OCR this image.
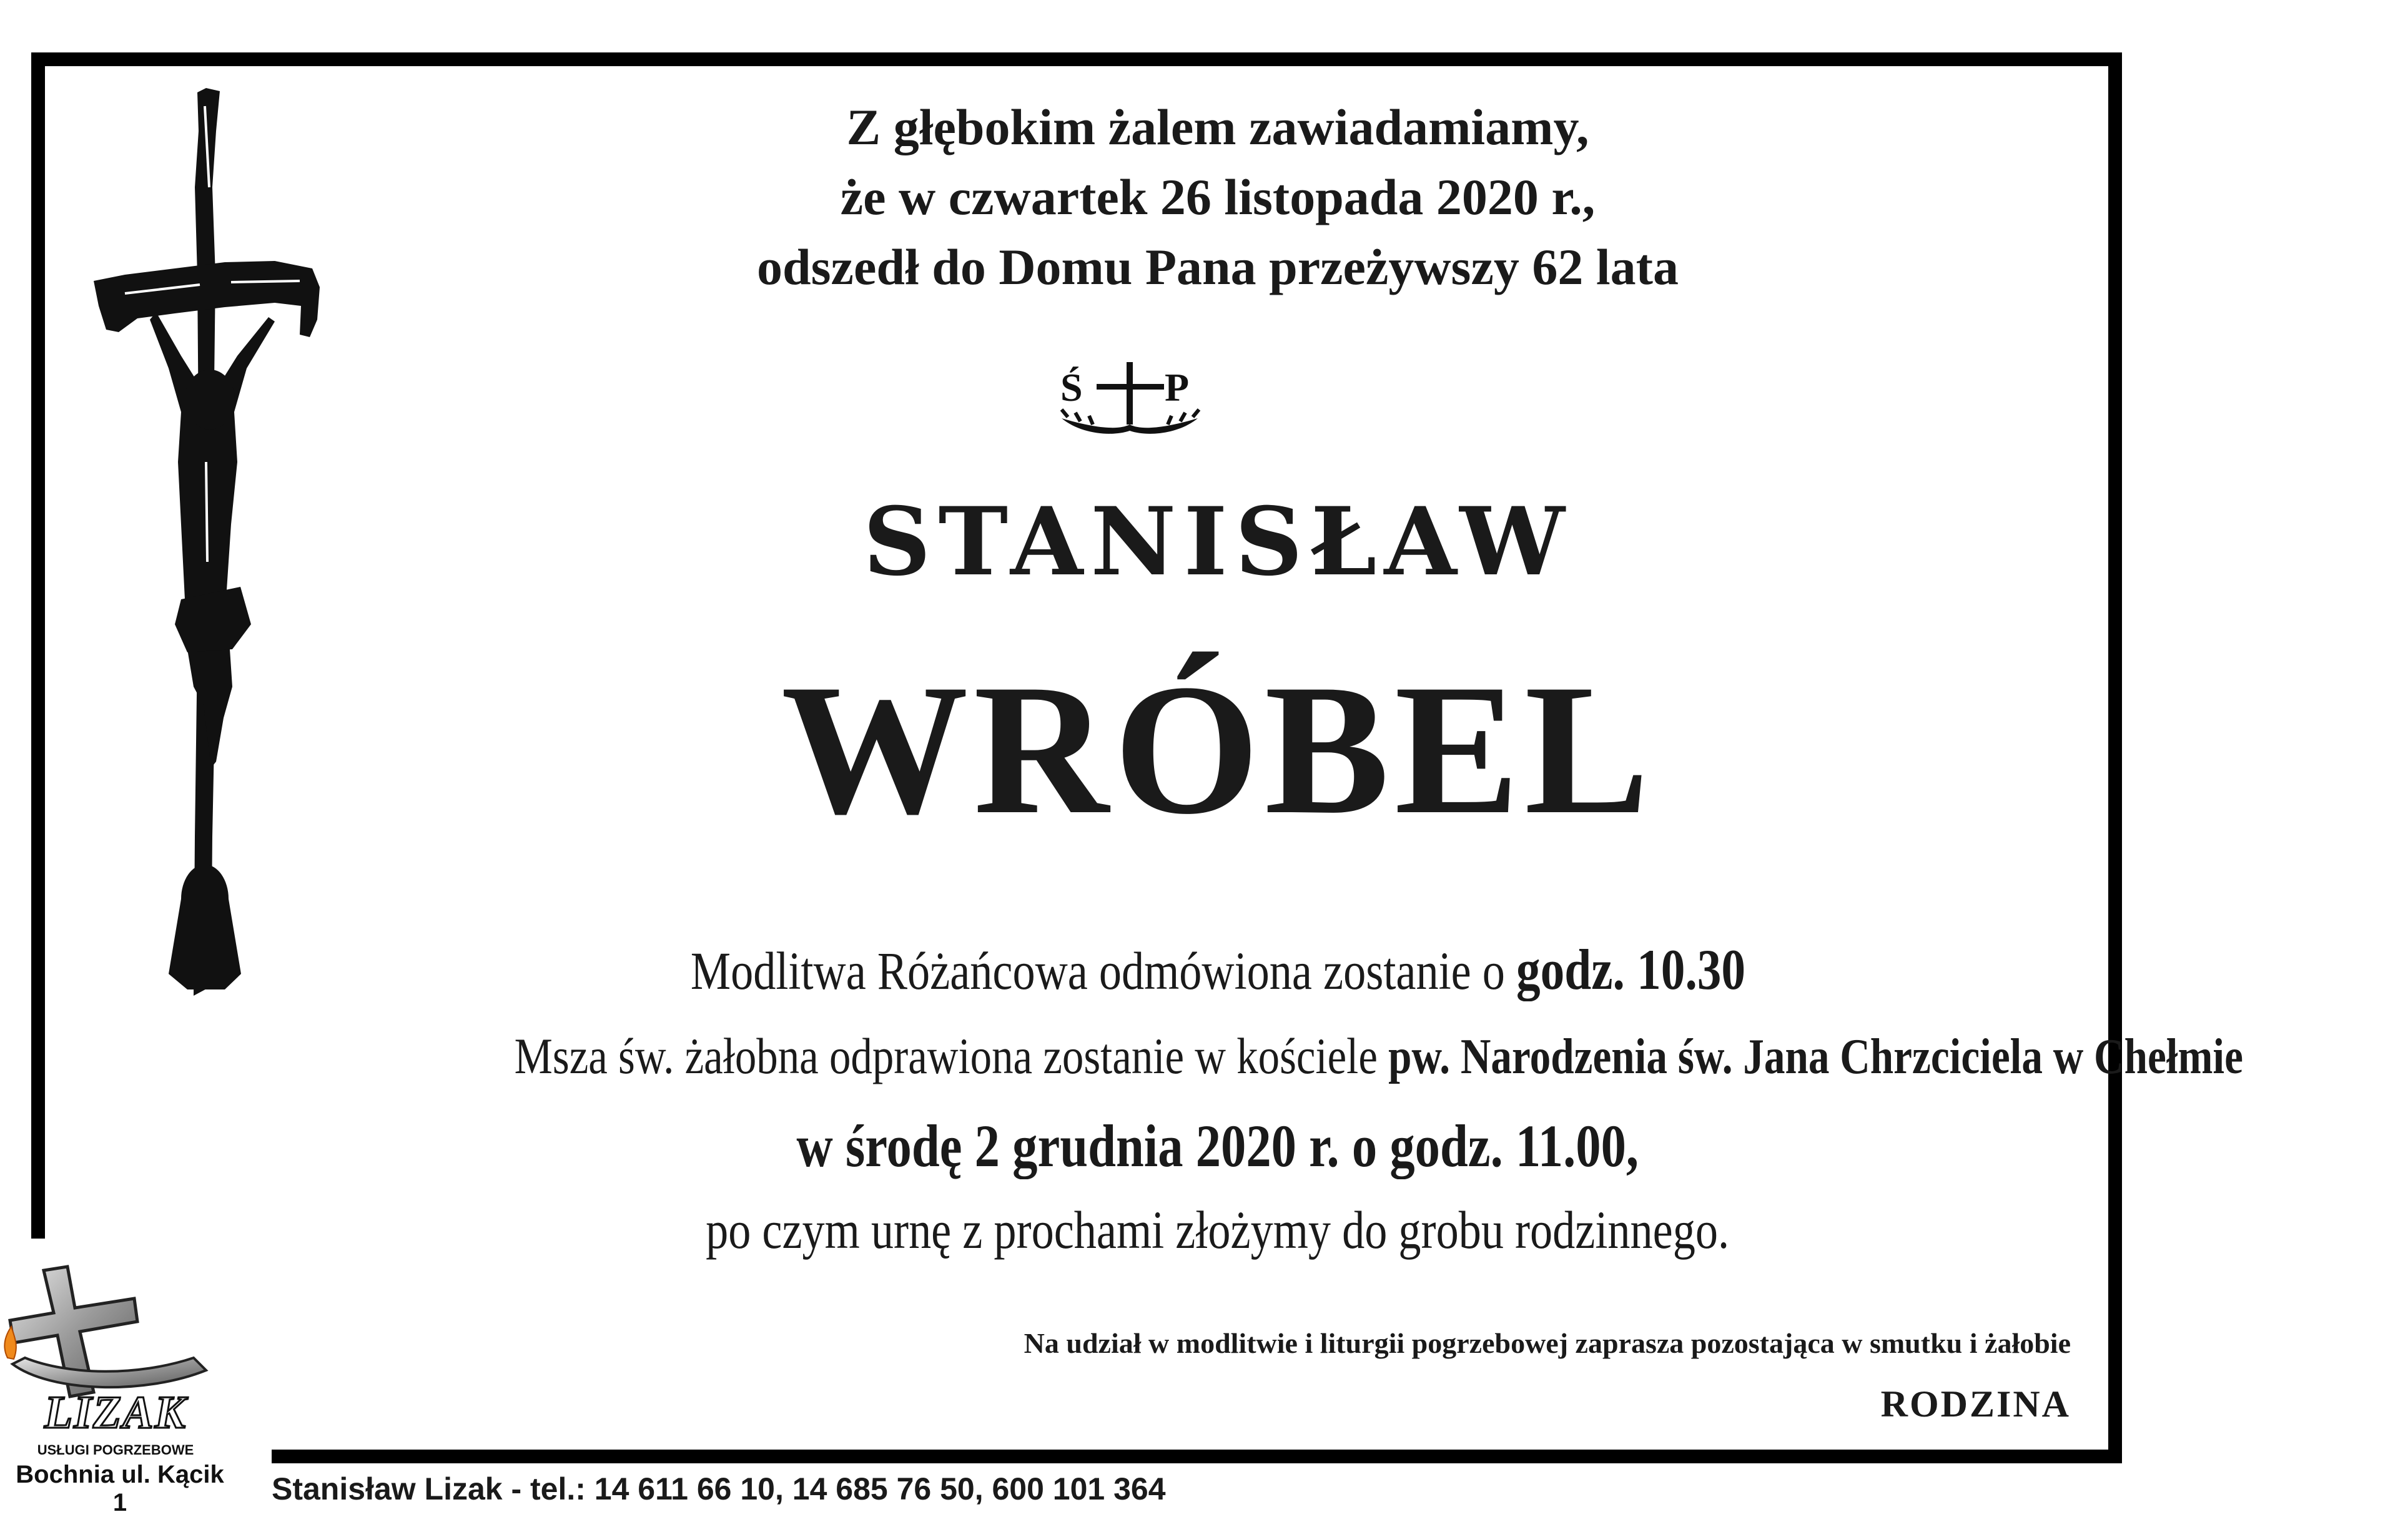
Z głębokim żalem zawiadamiamy,
że w czwartek 26 listopada 2020 r.,
odszedł do Domu Pana przeżywszy 62 lata
Ś P
STANISŁAW
WRÓBEL
Modlitwa Różańcowa odmówiona zostanie o godz. 10.30
Msza św. żałobna odprawiona zostanie w kościele pw. Narodzenia św. Jana Chrzciciela w Chełmie
w środę 2 grudnia 2020 r. o godz. 11.00,
po czym urnę z prochami złożymy do grobu rodzinnego.
Na udział w modlitwie i liturgii pogrzebowej zaprasza pozostająca w smutku i żałobie
RODZINA
LIZAK
USŁUGI POGRZEBOWE
Bochnia ul. Kącik 1	Stanisław Lizak - tel.: 14 611 66 10, 14 685 76 50, 600 101 364
